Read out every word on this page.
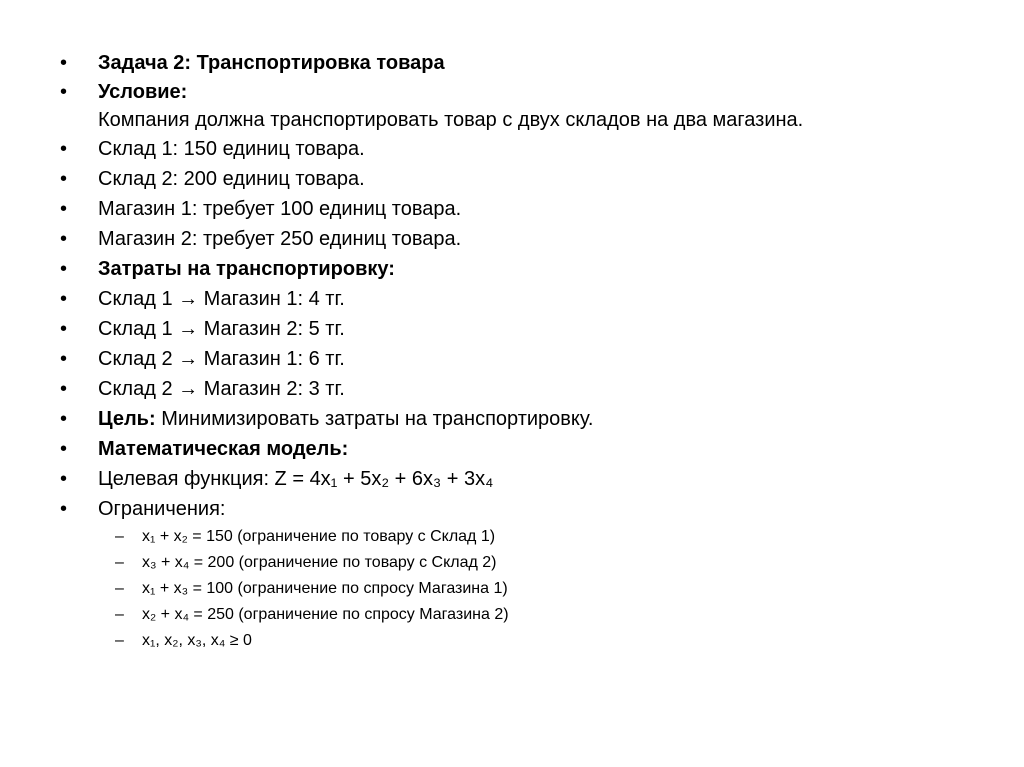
•	Задача 2: Транспортировка товара
•	Условие:
Компания должна транспортировать товар с двух складов на два магазина.
•	Склад 1: 150 единиц товара.
•	Склад 2: 200 единиц товара.
•	Магазин 1: требует 100 единиц товара.
•	Магазин 2: требует 250 единиц товара.
•	Затраты на транспортировку:
•	Склад 1 → Магазин 1: 4 тг.
•	Склад 1 → Магазин 2: 5 тг.
•	Склад 2 → Магазин 1: 6 тг.
•	Склад 2 → Магазин 2: 3 тг.
•	Цель: Минимизировать затраты на транспортировку.
•	Математическая модель:
•	Целевая функция: Z = 4x₁ + 5x₂ + 6x₃ + 3x₄
•	Ограничения:
– x₁ + x₂ = 150 (ограничение по товару с Склад 1)
– x₃ + x₄ = 200 (ограничение по товару с Склад 2)
– x₁ + x₃ = 100 (ограничение по спросу Магазина 1)
– x₂ + x₄ = 250 (ограничение по спросу Магазина 2)
– x₁, x₂, x₃, x₄ ≥ 0
